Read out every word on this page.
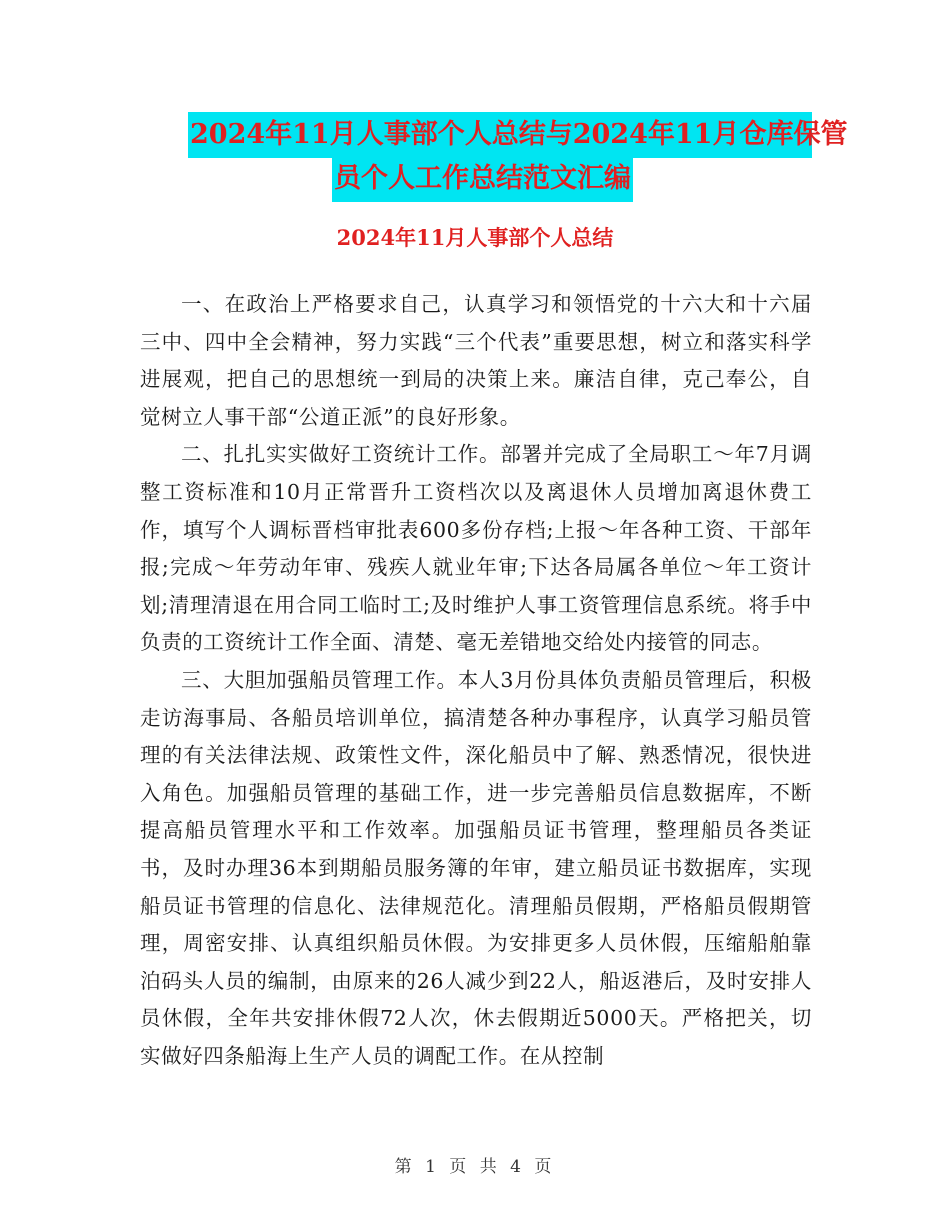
2024年11月人事部个人总结与2024年11月仓库保管
员个人工作总结范文汇编
2024年11月人事部个人总结

一、在政治上严格要求自己，认真学习和领悟党的十六大和十六届三中、四中全会精神，努力实践“三个代表”重要思想，树立和落实科学进展观，把自己的思想统一到局的决策上来。廉洁自律，克己奉公，自觉树立人事干部“公道正派”的良好形象。

二、扎扎实实做好工资统计工作。部署并完成了全局职工～年7月调整工资标准和10月正常晋升工资档次以及离退休人员增加离退休费工作，填写个人调标晋档审批表600多份存档;上报～年各种工资、干部年报;完成～年劳动年审、残疾人就业年审;下达各局属各单位～年工资计划;清理清退在用合同工临时工;及时维护人事工资管理信息系统。将手中负责的工资统计工作全面、清楚、毫无差错地交给处内接管的同志。

三、大胆加强船员管理工作。本人3月份具体负责船员管理后，积极走访海事局、各船员培训单位，搞清楚各种办事程序，认真学习船员管理的有关法律法规、政策性文件，深化船员中了解、熟悉情况，很快进入角色。加强船员管理的基础工作，进一步完善船员信息数据库，不断提高船员管理水平和工作效率。加强船员证书管理，整理船员各类证书，及时办理36本到期船员服务簿的年审，建立船员证书数据库，实现船员证书管理的信息化、法律规范化。清理船员假期，严格船员假期管理，周密安排、认真组织船员休假。为安排更多人员休假，压缩船舶靠泊码头人员的编制，由原来的26人减少到22人，船返港后，及时安排人员休假，全年共安排休假72人次，休去假期近5000天。严格把关，切实做好四条船海上生产人员的调配工作。在从控制

第 1 页 共 4 页
